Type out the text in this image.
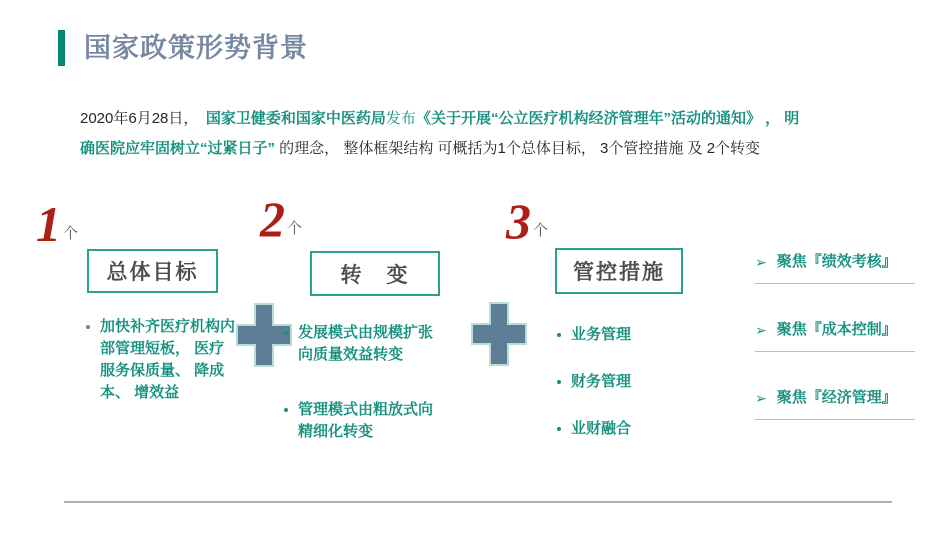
国家政策形势背景

2020年6月28日，　国家卫健委和国家中医药局发布《关于开展“公立医疗机构经济管理年”活动的通知》 ， 明
确医院应牢固树立“过紧日子” 的理念， 整体框架结构 可概括为1个总体目标， 3个管控措施 及 2个转变

1 个
总体目标
加快补齐医疗机构内部管理短板， 医疗服务保质量、 降成本、 增效益
2 个
转　变
发展模式由规模扩张向质量效益转变
管理模式由粗放式向精细化转变
3 个
管控措施
业务管理
财务管理
业财融合
➢ 聚焦『绩效考核』
➢ 聚焦『成本控制』
➢ 聚焦『经济管理』
